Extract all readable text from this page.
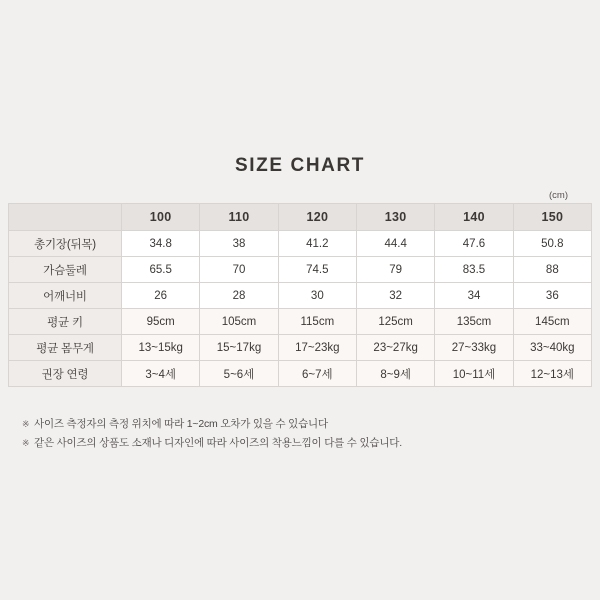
SIZE CHART
(cm)
	100	110	120	130	140	150
총기장(뒤목)	34.8	38	41.2	44.4	47.6	50.8
가슴둘레	65.5	70	74.5	79	83.5	88
어깨너비	26	28	30	32	34	36
평균 키	95cm	105cm	115cm	125cm	135cm	145cm
평균 몸무게	13~15kg	15~17kg	17~23kg	23~27kg	27~33kg	33~40kg
권장 연령	3~4세	5~6세	6~7세	8~9세	10~11세	12~13세
※ 사이즈 측정자의 측정 위치에 따라 1~2cm 오차가 있을 수 있습니다
※ 같은 사이즈의 상품도 소재나 디자인에 따라 사이즈의 착용느낌이 다를 수 있습니다.
